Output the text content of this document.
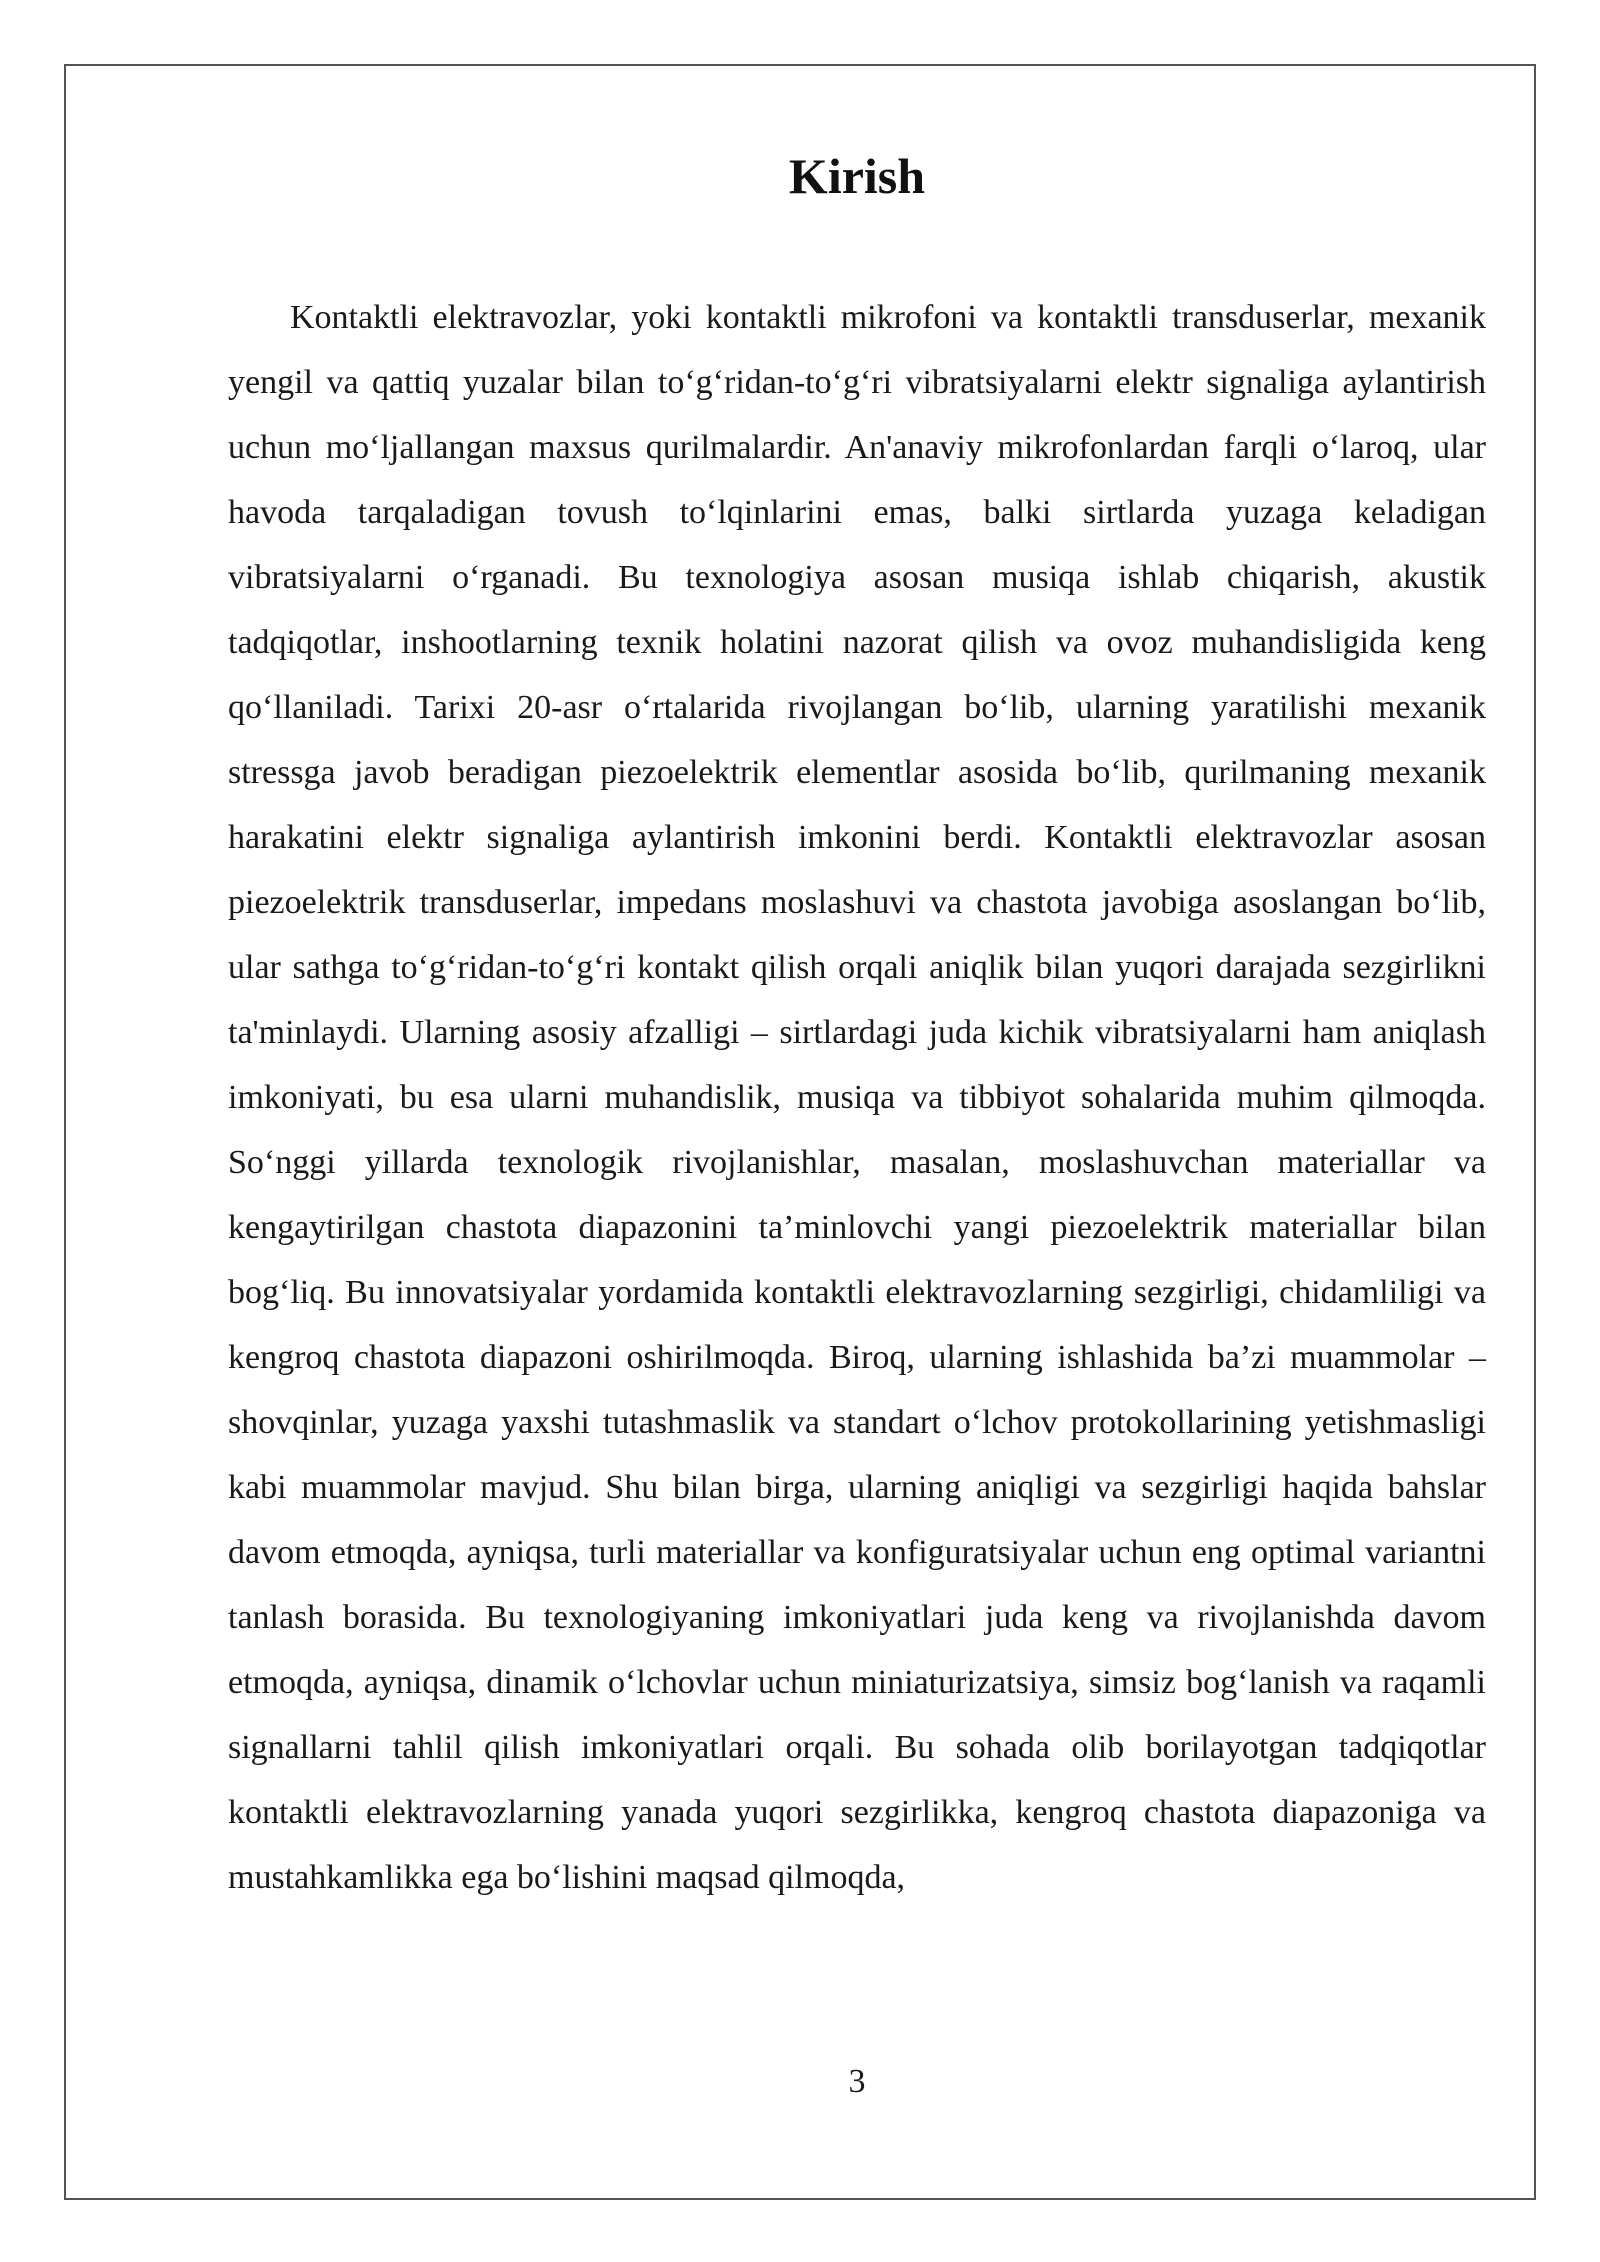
Kirish

Kontaktli elektravozlar, yoki kontaktli mikrofoni va kontaktli transduserlar, mexanik yengil va qattiq yuzalar bilan to‘g‘ridan-to‘g‘ri vibratsiyalarni elektr signaliga aylantirish uchun mo‘ljallangan maxsus qurilmalardir. An'anaviy mikrofonlardan farqli o‘laroq, ular havoda tarqaladigan tovush to‘lqinlarini emas, balki sirtlarda yuzaga keladigan vibratsiyalarni o‘rganadi. Bu texnologiya asosan musiqa ishlab chiqarish, akustik tadqiqotlar, inshootlarning texnik holatini nazorat qilish va ovoz muhandisligida keng qo‘llaniladi. Tarixi 20-asr o‘rtalarida rivojlangan bo‘lib, ularning yaratilishi mexanik stressga javob beradigan piezoelektrik elementlar asosida bo‘lib, qurilmaning mexanik harakatini elektr signaliga aylantirish imkonini berdi. Kontaktli elektravozlar asosan piezoelektrik transduserlar, impedans moslashuvi va chastota javobiga asoslangan bo‘lib, ular sathga to‘g‘ridan-to‘g‘ri kontakt qilish orqali aniqlik bilan yuqori darajada sezgirlikni ta'minlaydi. Ularning asosiy afzalligi – sirtlardagi juda kichik vibratsiyalarni ham aniqlash imkoniyati, bu esa ularni muhandislik, musiqa va tibbiyot sohalarida muhim qilmoqda. So‘nggi yillarda texnologik rivojlanishlar, masalan, moslashuvchan materiallar va kengaytirilgan chastota diapazonini ta’minlovchi yangi piezoelektrik materiallar bilan bog‘liq. Bu innovatsiyalar yordamida kontaktli elektravozlarning sezgirligi, chidamliligi va kengroq chastota diapazoni oshirilmoqda. Biroq, ularning ishlashida ba’zi muammolar – shovqinlar, yuzaga yaxshi tutashmaslik va standart o‘lchov protokollarining yetishmasligi kabi muammolar mavjud. Shu bilan birga, ularning aniqligi va sezgirligi haqida bahslar davom etmoqda, ayniqsa, turli materiallar va konfiguratsiyalar uchun eng optimal variantni tanlash borasida. Bu texnologiyaning imkoniyatlari juda keng va rivojlanishda davom etmoqda, ayniqsa, dinamik o‘lchovlar uchun miniaturizatsiya, simsiz bog‘lanish va raqamli signallarni tahlil qilish imkoniyatlari orqali. Bu sohada olib borilayotgan tadqiqotlar kontaktli elektravozlarning yanada yuqori sezgirlikka, kengroq chastota diapazoniga va mustahkamlikka ega bo‘lishini maqsad qilmoqda,

3
